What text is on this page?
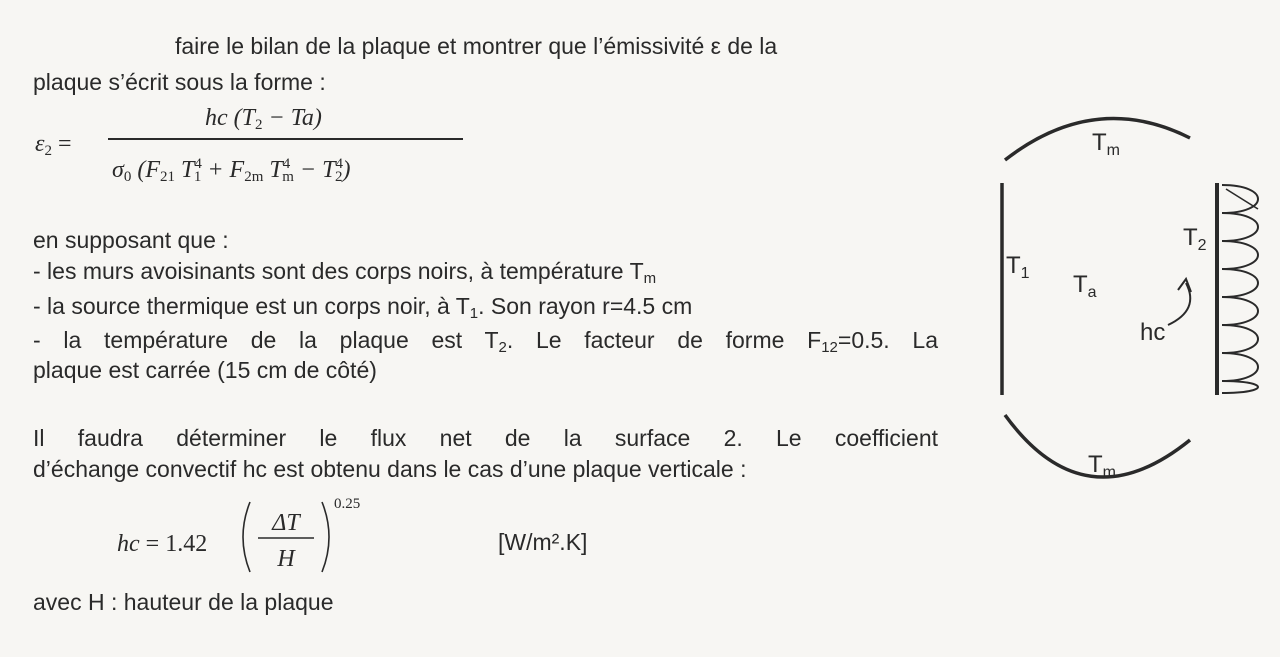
faire le bilan de la plaque et montrer que l’émissivité ε de la
plaque s’écrit sous la forme :
$\varepsilon_2$ =
hc $(T_2 - Ta)$
$\sigma_0$ ($F_{21}$ $T^4_1 + F_{2m}$ $T^4_m - T^4_2$)
en supposant que :
- les murs avoisinants sont des corps noirs, à température $T_m$
- la source thermique est un corps noir, à $T_1$. Son rayon r=4.5 cm
- la température de la plaque est $T_2$. Le facteur de forme $F_{12}=0.5$. La
plaque est carrée (15 cm de côté)
Il faudra déterminer le flux net de la surface 2. Le coefficient
d’échange convectif hc est obtenu dans le cas d’une plaque verticale :
hc = 1.42
ΔT
H
0.25
[W/m².K]
avec H : hauteur de la plaque
$T_m$
$T_1$ $T_a$
$T_2$
hc
$T_m$
